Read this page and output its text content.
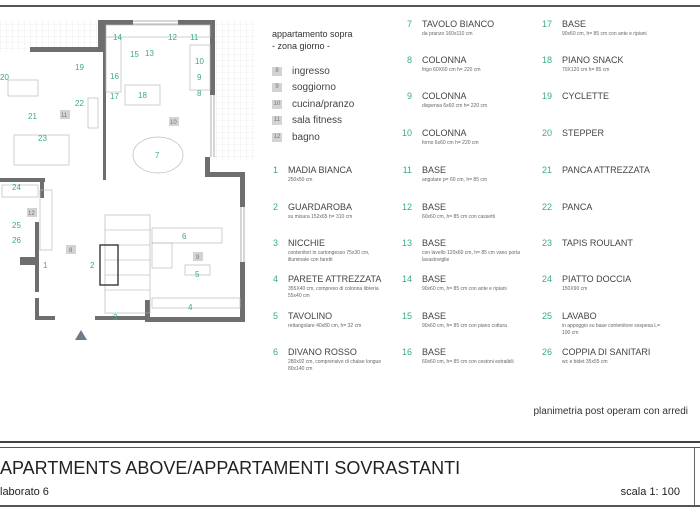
1	2
3
4
5
6
7
13
14
15
16
17 18
19
20
21
22
23
24
25
26
12 11
10
9
8
11
10
12
8
9
appartamento sopra
- zona giorno -
8	ingresso
9	soggiorno
10 cucina/pranzo
11 sala fitness
12 bagno
1 MADIA BIANCA
250x50 cm
2 GUARDAROBA
su misura 152x65 h= 310 cm
3 NICCHIE
contenitori in cartongesso 75x30 cm, illuminate con faretti
4 PARETE ATTREZZATA
355X40 cm, compreso di colonna libreria 55x40 cm
5 TAVOLINO
rettangolare 40x80 cm, h= 32 cm
6 DIVANO ROSSO
280x92 cm, comprensivo di chaise longue 80x140 cm
7 TAVOLO BIANCO
da pranzo 160x110 cm
8 COLONNA
frigo 60X60 cm h= 220 cm
9 COLONNA
dispensa 6x60 cm h= 220 cm
10 COLONNA
forno 6x60 cm h= 220 cm
11 BASE
angolare p= 60 cm, h= 85 cm
12 BASE
60x60 cm, h= 85 cm con cassetti
13 BASE
con lavello 120x60 cm, h= 85 cm vano porta lavastoviglie
14 BASE
90x60 cm, h= 85 cm con ante e ripiani
15 BASE
90x60 cm, h= 85 cm con piano cottura
16 BASE
60x60 cm, h= 85 cm con cestoni estraibili
17 BASE
90x60 cm, h= 85 cm con ante e ripiani
18 PIANO SNACK
70X120 cm h= 85 cm
19 CYCLETTE
20 STEPPER
21 PANCA ATTREZZATA
22 PANCA
23 TAPIS ROULANT
24 PIATTO DOCCIA
150X90 cm
25 LAVABO
in appoggio su base contenitore sospesa L= 100 cm
26 COPPIA DI SANITARI
wc e bidet 35x55 cm
planimetria post operam con arredi
APARTMENTS ABOVE/APPARTAMENTI SOVRASTANTI
laborato 6	scala 1: 100
